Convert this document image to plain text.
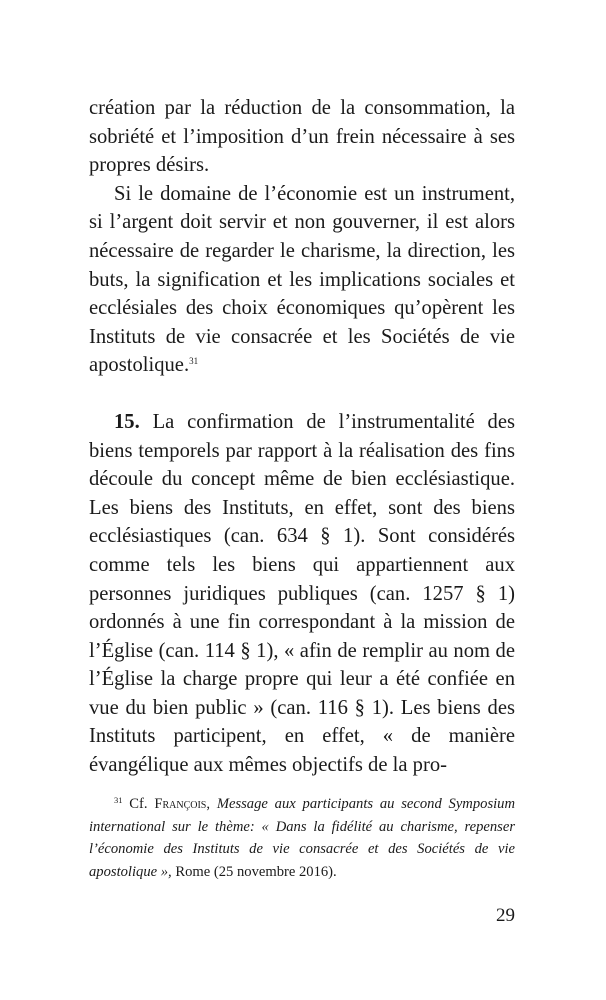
création par la réduction de la consommation, la sobriété et l’imposition d’un frein nécessaire à ses propres désirs.

Si le domaine de l’économie est un instrument, si l’argent doit servir et non gouverner, il est alors nécessaire de regarder le charisme, la direction, les buts, la signification et les implications sociales et ecclésiales des choix économiques qu’opèrent les Instituts de vie consacrée et les Sociétés de vie apostolique.$^{31}$

15. La confirmation de l’instrumentalité des biens temporels par rapport à la réalisation des fins découle du concept même de bien ecclésiastique. Les biens des Instituts, en effet, sont des biens ecclésiastiques (can. 634 § 1). Sont considérés comme tels les biens qui appartiennent aux personnes juridiques publiques (can. 1257 § 1) ordonnés à une fin correspondant à la mission de l’Église (can. 114 § 1), « afin de remplir au nom de l’Église la charge propre qui leur a été confiée en vue du bien public » (can. 116 § 1). Les biens des Instituts participent, en effet, « de manière évangélique aux mêmes objectifs de la pro-

$^{31}$ Cf. François, Message aux participants au second Symposium international sur le thème: « Dans la fidélité au charisme, repenser l’économie des Instituts de vie consacrée et des Sociétés de vie apostolique », Rome (25 novembre 2016).
29
